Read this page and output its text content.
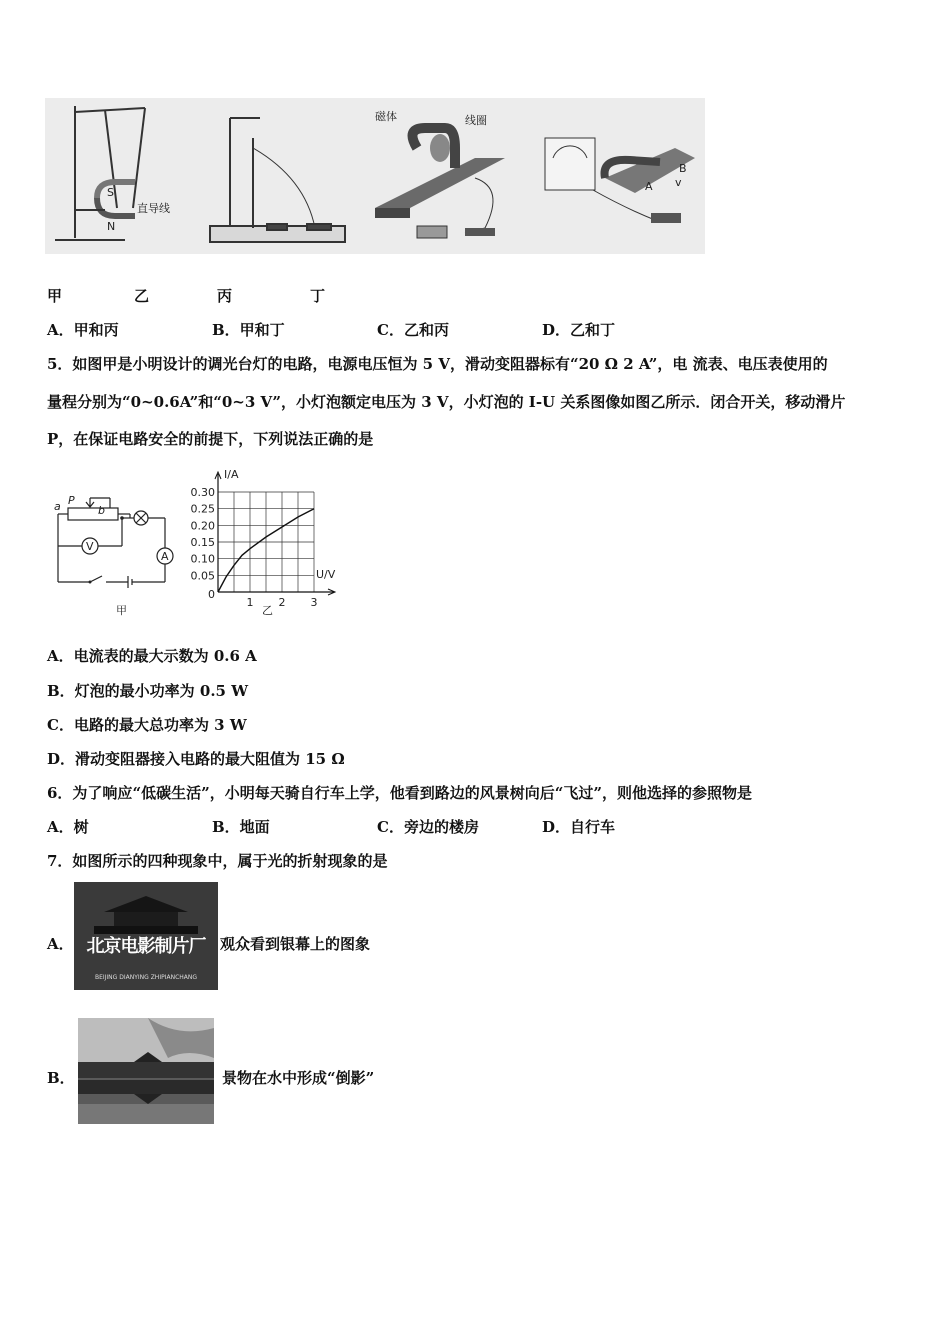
S
N
直导线
磁体	线圈
B
v
A
甲	乙	丙	丁
A．甲和丙	B．甲和丁	C．乙和丙	D．乙和丁
5．如图甲是小明设计的调光台灯的电路，电源电压恒为 5 V，滑动变阻器标有“20 Ω 2 A”，电 流表、电压表使用的
量程分别为“0~0.6A”和“0~3 V”，小灯泡额定电压为 3 V，小灯泡的 I-U 关系图像如图乙所示．闭合开关，移动滑片
P，在保证电路安全的前提下，下列说法正确的是
a P
b
V
A
甲
0.05
0.10
0.15
0.20
0.25
0.30
1 2 3
I/A
U/V
0
乙
A．电流表的最大示数为 0.6 A
B．灯泡的最小功率为 0.5 W
C．电路的最大总功率为 3 W
D．滑动变阻器接入电路的最大阻值为 15 Ω
6．为了响应“低碳生活”，小明每天骑自行车上学，他看到路边的风景树向后“飞过”，则他选择的参照物是
A．树	B．地面	C．旁边的楼房	D．自行车
7．如图所示的四种现象中，属于光的折射现象的是
A． 北京电影制片厂
BEIJING DIANYING ZHIPIANCHANG
观众看到银幕上的图象
B．	景物在水中形成“倒影”
